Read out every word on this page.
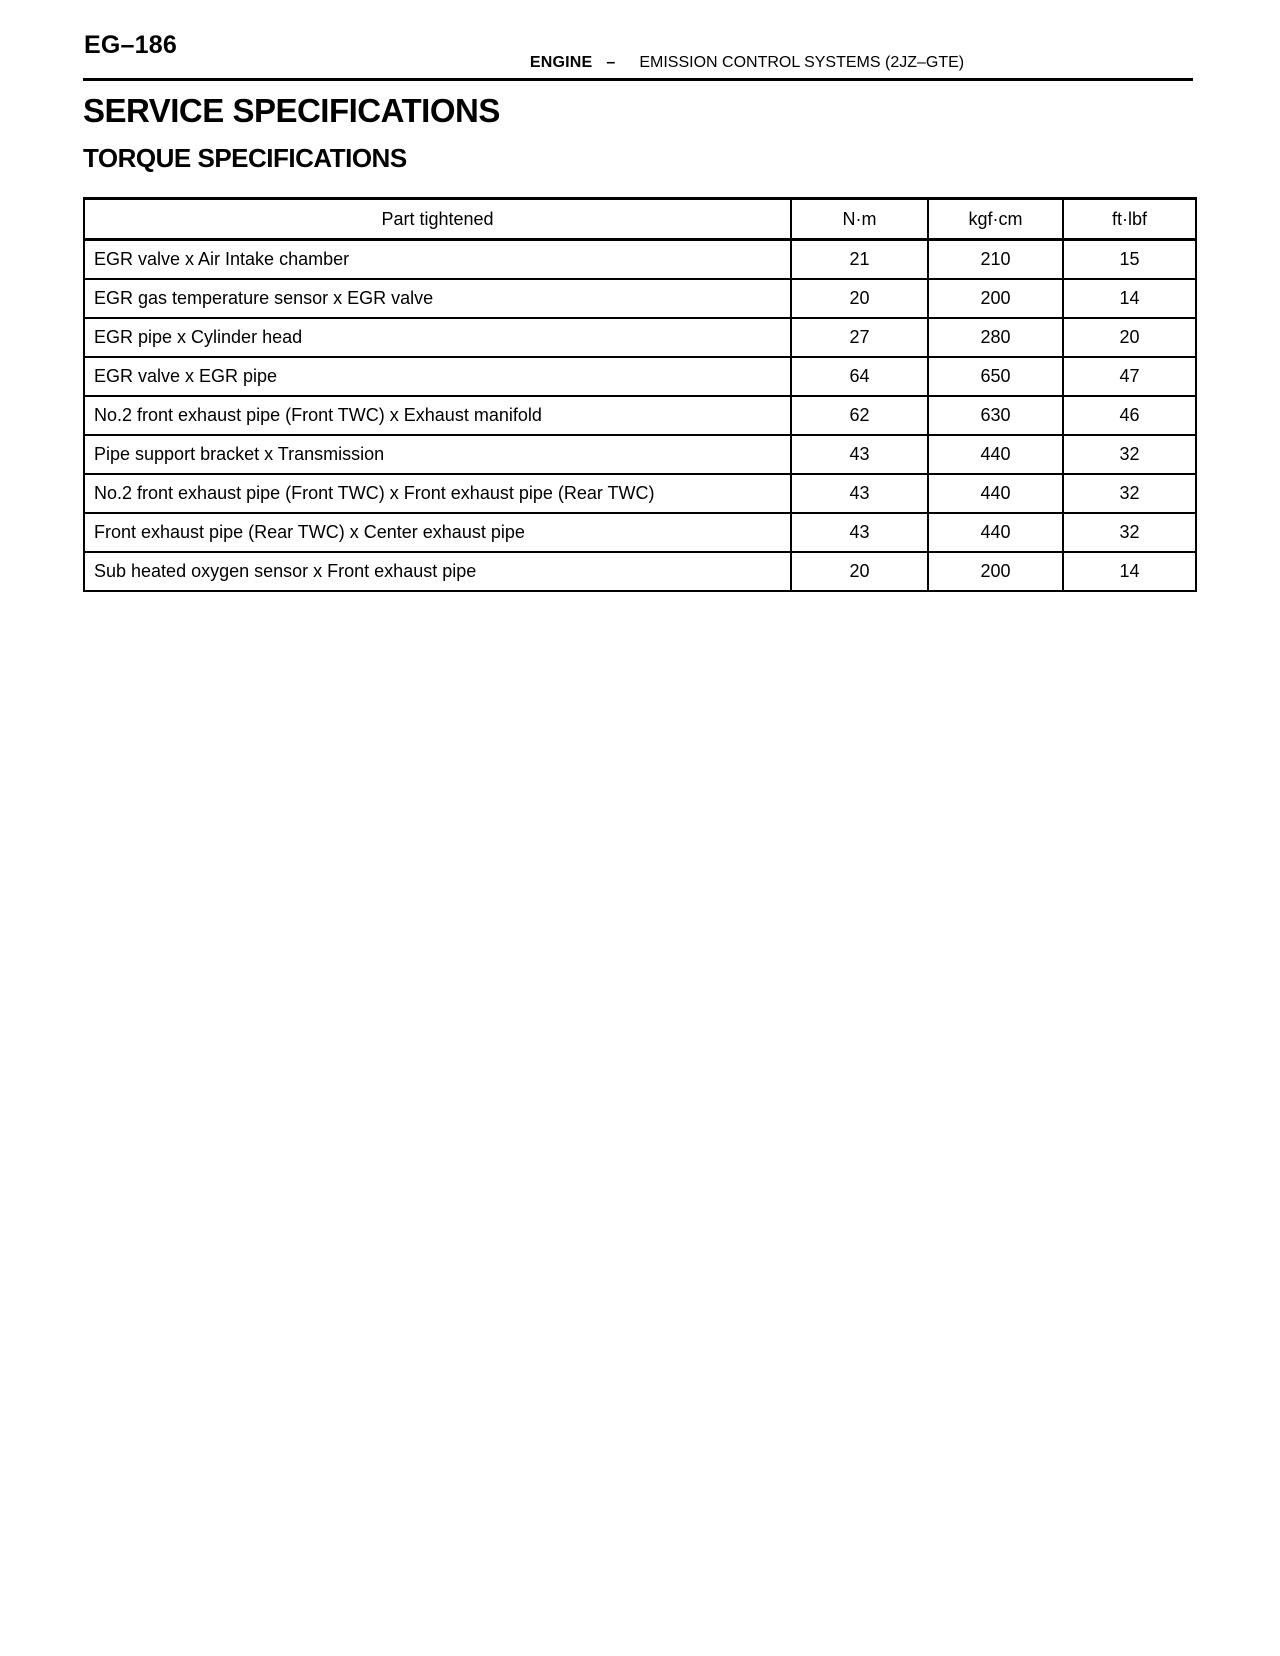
EG–186
ENGINE – EMISSION CONTROL SYSTEMS (2JZ–GTE)
SERVICE SPECIFICATIONS
TORQUE SPECIFICATIONS
Part tightened	N·m	kgf·cm	ft·lbf
EGR valve x Air Intake chamber	21	210	15
EGR gas temperature sensor x EGR valve	20	200	14
EGR pipe x Cylinder head	27	280	20
EGR valve x EGR pipe	64	650	47
No.2 front exhaust pipe (Front TWC) x Exhaust manifold	62	630	46
Pipe support bracket x Transmission	43	440	32
No.2 front exhaust pipe (Front TWC) x Front exhaust pipe (Rear TWC)	43	440	32
Front exhaust pipe (Rear TWC) x Center exhaust pipe	43	440	32
Sub heated oxygen sensor x Front exhaust pipe	20	200	14
